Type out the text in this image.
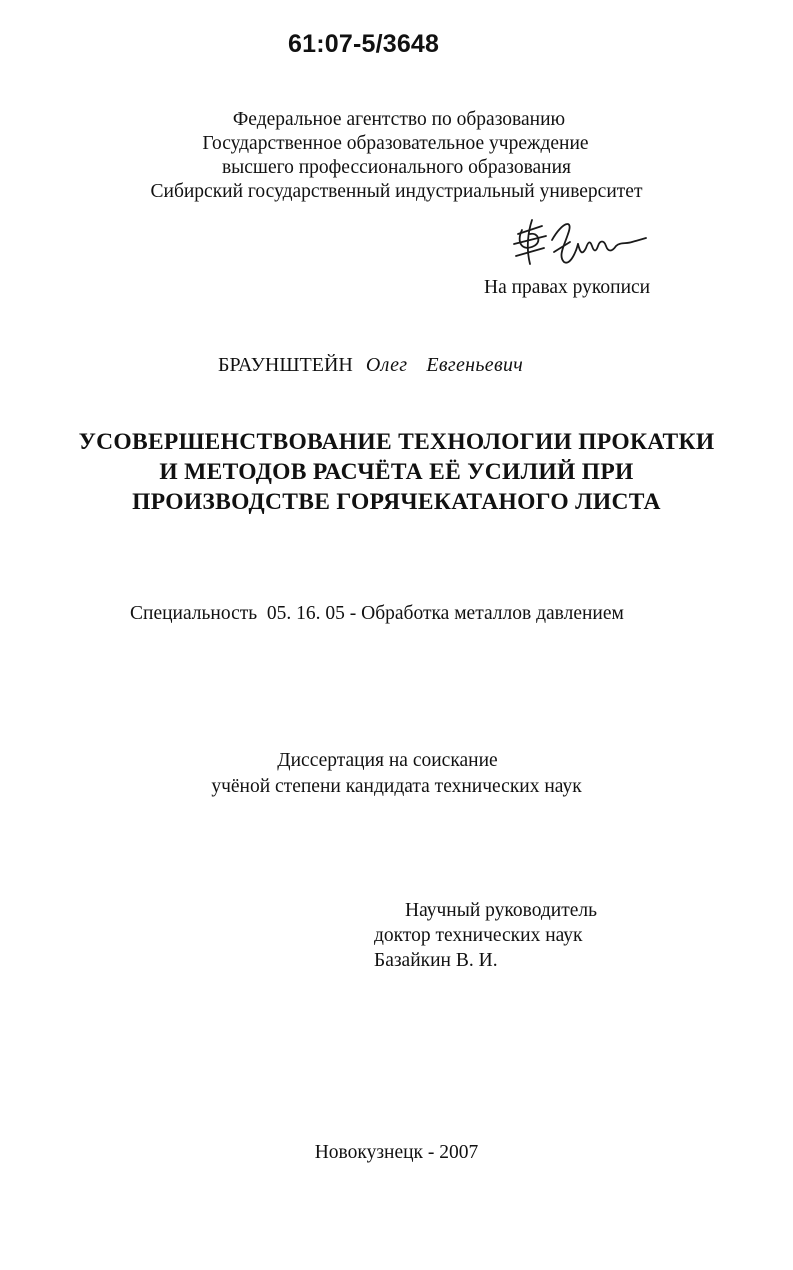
61:07-5/3648
Федеральное агентство по образованию
Государственное образовательное учреждение
высшего профессионального образования
Сибирский государственный индустриальный университет
На правах рукописи
БРАУНШТЕЙН Олег Евгеньевич
УСОВЕРШЕНСТВОВАНИЕ ТЕХНОЛОГИИ ПРОКАТКИ
И МЕТОДОВ РАСЧЁТА ЕЁ УСИЛИЙ ПРИ
ПРОИЗВОДСТВЕ ГОРЯЧЕКАТАНОГО ЛИСТА
Специальность  05. 16. 05 - Обработка металлов давлением
Диссертация на соискание
учёной степени кандидата технических наук
Научный руководитель
доктор технических наук
Базайкин В. И.
Новокузнецк - 2007
